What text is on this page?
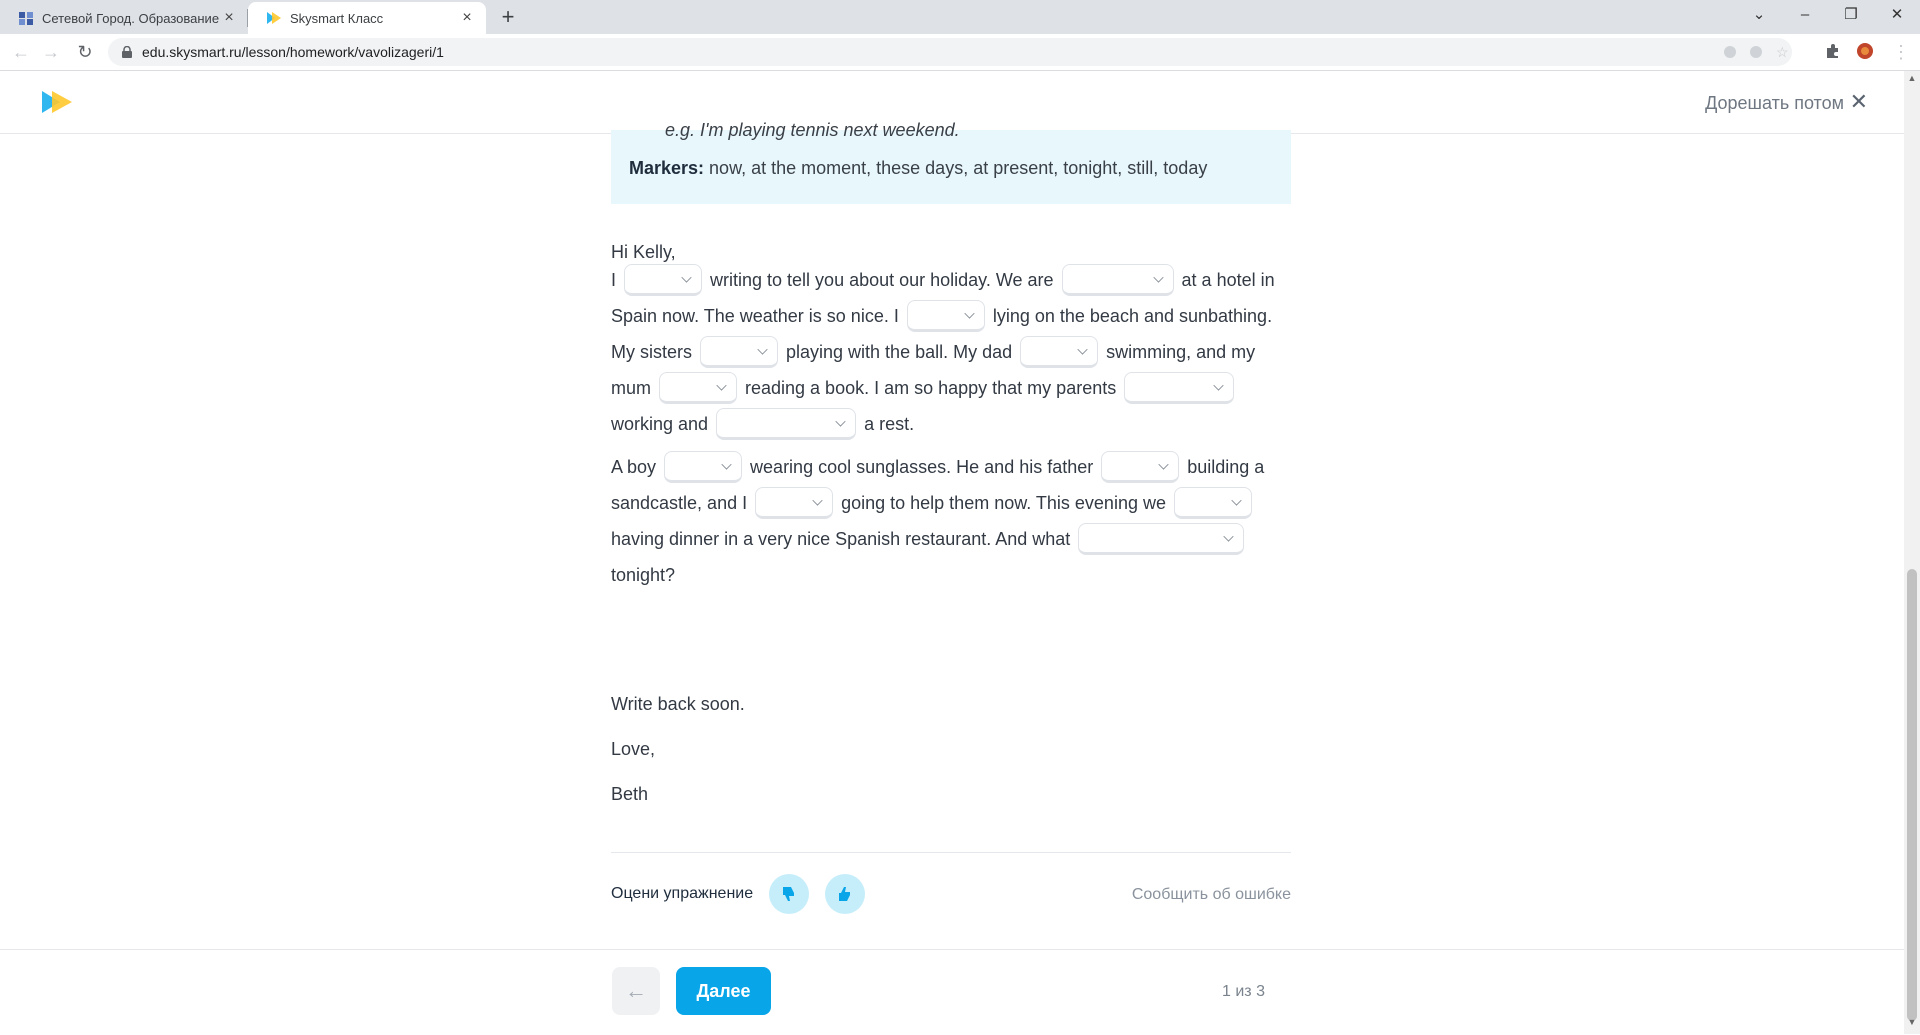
Сетевой Город. Образование ×	Skysmart Класс	×	+	⌄	–	❐	✕
← → ↻	edu.skysmart.ru/lesson/homework/vavolizageri/1	☆	⋮
Дорешать потом ✕
e.g. I'm playing tennis next weekend.
Markers: now, at the moment, these days, at present, tonight, still, today
Hi Kelly,
I	writing to tell you about our holiday. We are	at a hotel in
Spain now. The weather is so nice. I	lying on the beach and sunbathing.
My sisters	playing with the ball. My dad	swimming, and my
mum	reading a book. I am so happy that my parents
working and	a rest.
A boy	wearing cool sunglasses. He and his father	building a
sandcastle, and I	going to help them now. This evening we
having dinner in a very nice Spanish restaurant. And what
tonight?
Write back soon.
Love,
Beth
Оцени упражнение	Сообщить об ошибке
▲
▼
←	Далее	1 из 3
